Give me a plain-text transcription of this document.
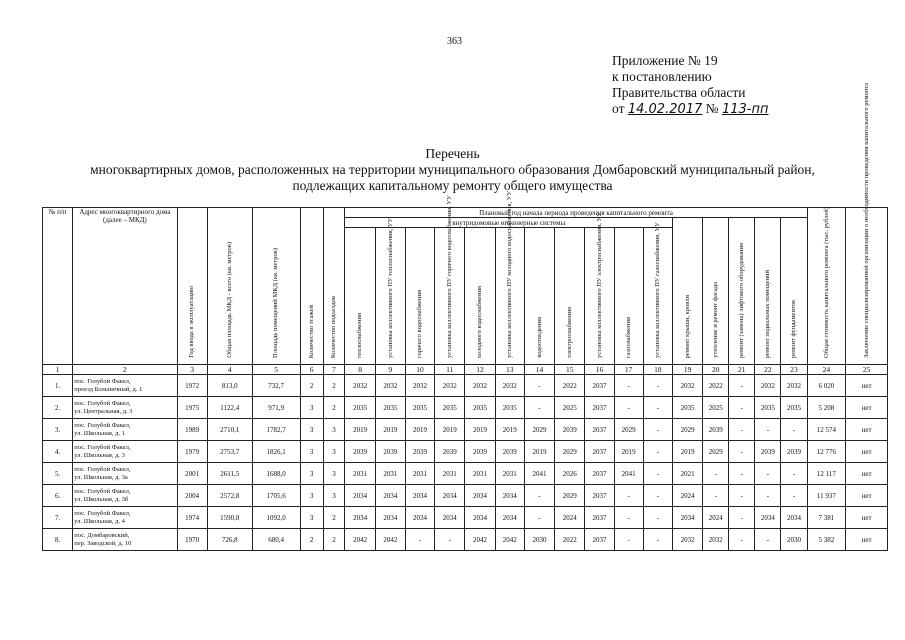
363
Приложение № 19
к постановлению
Правительства области
от 14.02.2017 № 113-пп
Перечень
многоквартирных домов, расположенных на территории муниципального образования Домбаровский муниципальный район,
подлежащих капитальному ремонту общего имущества
№ п/п	Адрес многоквартирного дома (далее – МКД)	Год ввода в эксплуатацию	Общая площадь МКД - всего (кв. метров)	Площадь помещений МКД (кв. метров)	Количество этажей	Количество подъездов	Плановый год начала периода проведения капитального ремонта																Общая стоимость капитального ремонта (тыс. рублей)	Заключение специализированной организации о необходимости проведения капитального ремонта
							внутридомовые инженерные системы											ремонт крыши, кровли	утепление и ремонт фасада	ремонт (замена) лифтового оборудования	ремонт подвальных помещений	ремонт фундаментов		
							теплоснабжения	установка коллективного ПУ теплоснабжения, УУ	горячего водоснабжения	установка коллективного ПУ горячего водоснабжения, УУ	холодного водоснабжения	установка коллективного ПУ холодного водоснабжения, УУ	водоотведения	электроснабжения	установка коллективного ПУ электроснабжения, УУ	газоснабжения	установка коллективного ПУ газоснабжения, УУ							
1	2	3	4	5	6	7	8	9	10	11	12	13	14	15	16	17	18	19	20	21	22	23	24	25
1.	пос. Голубой Факел,
проезд Больничный, д. 1	1972	813,0	732,7	2	2	2032	2032	2032	2032	2032	2032	-	2022	2037	-	-	2032	2022	-	2032	2032	6 020	нет
2.	пос. Голубой Факел,
ул. Центральная, д. 3	1975	1122,4	971,9	3	2	2035	2035	2035	2035	2035	2035	-	2025	2037	-	-	2035	2025	-	2035	2035	5 208	нет
3.	пос. Голубой Факел,
ул. Школьная, д. 1	1989	2710,1	1782,7	3	3	2019	2019	2019	2019	2019	2019	2029	2039	2037	2029	-	2029	2039	-	-	-	12 574	нет
4.	пос. Голубой Факел,
ул. Школьная, д. 3	1979	2753,7	1826,1	3	3	2039	2039	2039	2039	2039	2039	2019	2029	2037	2019	-	2019	2029	-	2039	2039	12 776	нет
5.	пос. Голубой Факел,
ул. Школьная, д. 3а	2001	2611,5	1688,0	3	3	2031	2031	2031	2031	2031	2031	2041	2026	2037	2041	-	2021	-	-	-	-	12 117	нет
6.	пос. Голубой Факел,
ул. Школьная, д. 3б	2004	2572,8	1705,6	3	3	2034	2034	2034	2034	2034	2034	-	2029	2037	-	-	2024	-	-	-	-	11 937	нет
7.	пос. Голубой Факел,
ул. Школьная, д. 4	1974	1590,8	1092,0	3	2	2034	2034	2034	2034	2034	2034	-	2024	2037	-	-	2034	2024	-	2034	2034	7 381	нет
8.	пос. Домбаровский,
пер. Заводской, д. 10	1970	726,8	680,4	2	2	2042	2042	-	-	2042	2042	2030	2022	2037	-	-	2032	2032	-	-	2030	5 382	нет
